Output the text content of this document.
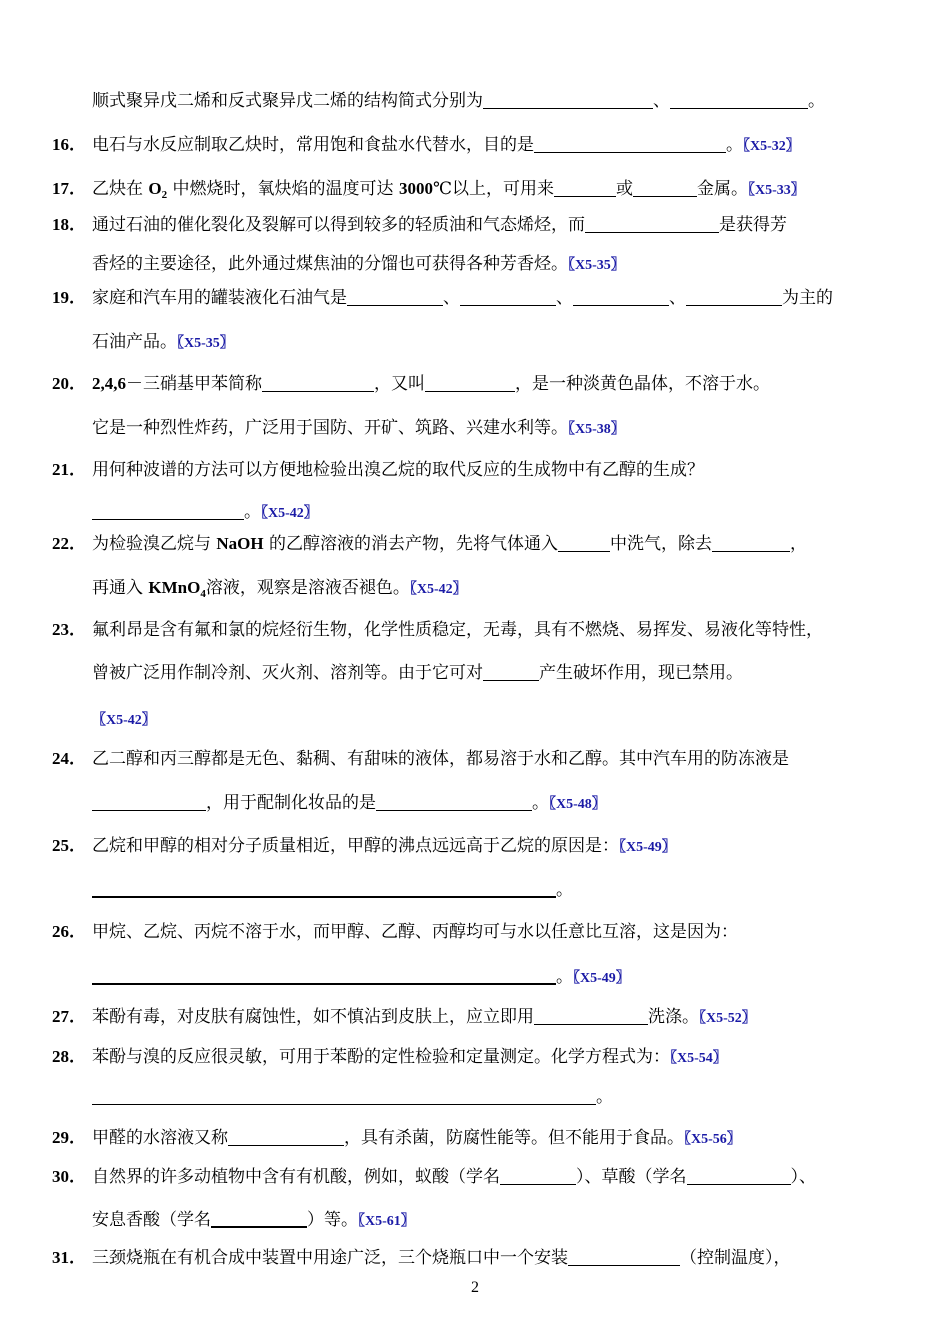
顺式聚异戊二烯和反式聚异戊二烯的结构简式分别为	、	。
16． 电石与水反应制取乙炔时，常用饱和食盐水代替水，目的是	。〖X5-32〗
17． 乙炔在 $O_2$ 中燃烧时，氧炔焰的温度可达 3000℃以上，可用来	或	金属。〖X5-33〗
18． 通过石油的催化裂化及裂解可以得到较多的轻质油和气态烯烃，而	是获得芳
香烃的主要途径，此外通过煤焦油的分馏也可获得各种芳香烃。〖X5-35〗
19． 家庭和汽车用的罐装液化石油气是	、	、	、	为主的
石油产品。〖X5-35〗
20． 2,4,6－三硝基甲苯简称	，又叫	，是一种淡黄色晶体，不溶于水。
它是一种烈性炸药，广泛用于国防、开矿、筑路、兴建水利等。〖X5-38〗
21． 用何种波谱的方法可以方便地检验出溴乙烷的取代反应的生成物中有乙醇的生成？
。〖X5-42〗
22． 为检验溴乙烷与 NaOH 的乙醇溶液的消去产物，先将气体通入	中洗气，除去	，
再通入 KMnO$_4$溶液，观察是溶液否褪色。〖X5-42〗
23． 氟利昂是含有氟和氯的烷烃衍生物，化学性质稳定，无毒，具有不燃烧、易挥发、易液化等特性，
曾被广泛用作制冷剂、灭火剂、溶剂等。由于它可对	产生破坏作用，现已禁用。
〖X5-42〗
24． 乙二醇和丙三醇都是无色、黏稠、有甜味的液体，都易溶于水和乙醇。其中汽车用的防冻液是
，用于配制化妆品的是	。〖X5-48〗
25． 乙烷和甲醇的相对分子质量相近，甲醇的沸点远远高于乙烷的原因是：〖X5-49〗
。
26． 甲烷、乙烷、丙烷不溶于水，而甲醇、乙醇、丙醇均可与水以任意比互溶，这是因为：
。〖X5-49〗
27． 苯酚有毒，对皮肤有腐蚀性，如不慎沾到皮肤上，应立即用	洗涤。〖X5-52〗
28． 苯酚与溴的反应很灵敏，可用于苯酚的定性检验和定量测定。化学方程式为：〖X5-54〗
。
29． 甲醛的水溶液又称	，具有杀菌，防腐性能等。但不能用于食品。〖X5-56〗
30． 自然界的许多动植物中含有有机酸，例如，蚁酸（学名	）、草酸（学名	）、
安息香酸（学名	）等。〖X5-61〗
31． 三颈烧瓶在有机合成中装置中用途广泛，三个烧瓶口中一个安装	（控制温度），
2
